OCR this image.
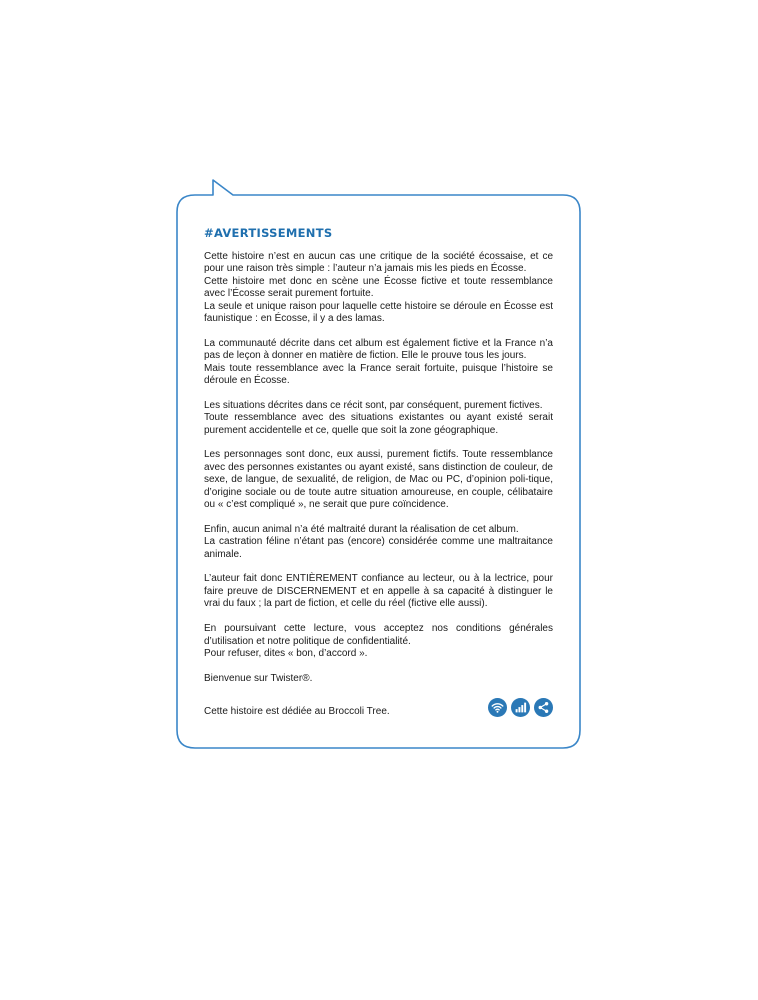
#AVERTISSEMENTS
Cette histoire n’est en aucun cas une critique de la société écossaise, et ce pour une raison très simple : l’auteur n’a jamais mis les pieds en Écosse.
Cette histoire met donc en scène une Écosse fictive et toute ressemblance avec l’Écosse serait purement fortuite.
La seule et unique raison pour laquelle cette histoire se déroule en Écosse est faunistique : en Écosse, il y a des lamas.
La communauté décrite dans cet album est également fictive et la France n’a pas de leçon à donner en matière de fiction. Elle le prouve tous les jours.
Mais toute ressemblance avec la France serait fortuite, puisque l’histoire se déroule en Écosse.
Les situations décrites dans ce récit sont, par conséquent, purement fictives.
Toute ressemblance avec des situations existantes ou ayant existé serait purement accidentelle et ce, quelle que soit la zone géographique.
Les personnages sont donc, eux aussi, purement fictifs. Toute ressemblance avec des personnes existantes ou ayant existé, sans distinction de couleur, de sexe, de langue, de sexualité, de religion, de Mac ou PC, d’opinion poli-tique, d’origine sociale ou de toute autre situation amoureuse, en couple, célibataire ou « c’est compliqué », ne serait que pure coïncidence.
Enfin, aucun animal n’a été maltraité durant la réalisation de cet album.
La castration féline n’étant pas (encore) considérée comme une maltraitance animale.
L’auteur fait donc ENTIÈREMENT confiance au lecteur, ou à la lectrice, pour faire preuve de DISCERNEMENT et en appelle à sa capacité à distinguer le vrai du faux ; la part de fiction, et celle du réel (fictive elle aussi).
En poursuivant cette lecture, vous acceptez nos conditions générales d’utilisation et notre politique de confidentialité.
Pour refuser, dites « bon, d’accord ».
Bienvenue sur Twister®.
Cette histoire est dédiée au Broccoli Tree.
